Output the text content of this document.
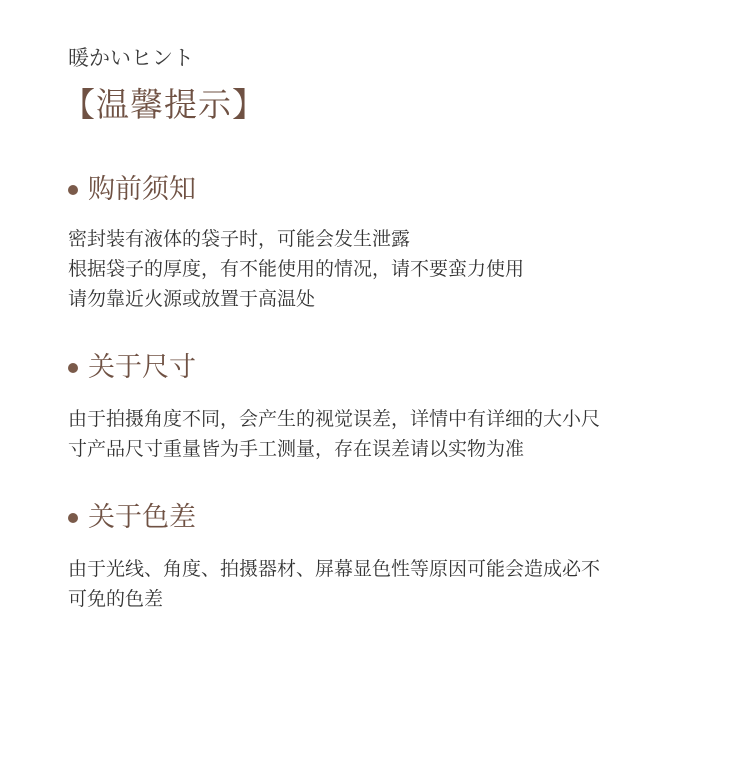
暖かいヒント
【温馨提示】
购前须知
密封装有液体的袋子时，可能会发生泄露
根据袋子的厚度，有不能使用的情况，请不要蛮力使用
请勿靠近火源或放置于高温处
关于尺寸
由于拍摄角度不同，会产生的视觉误差，详情中有详细的大小尺
寸产品尺寸重量皆为手工测量，存在误差请以实物为准
关于色差
由于光线、角度、拍摄器材、屏幕显色性等原因可能会造成必不
可免的色差
